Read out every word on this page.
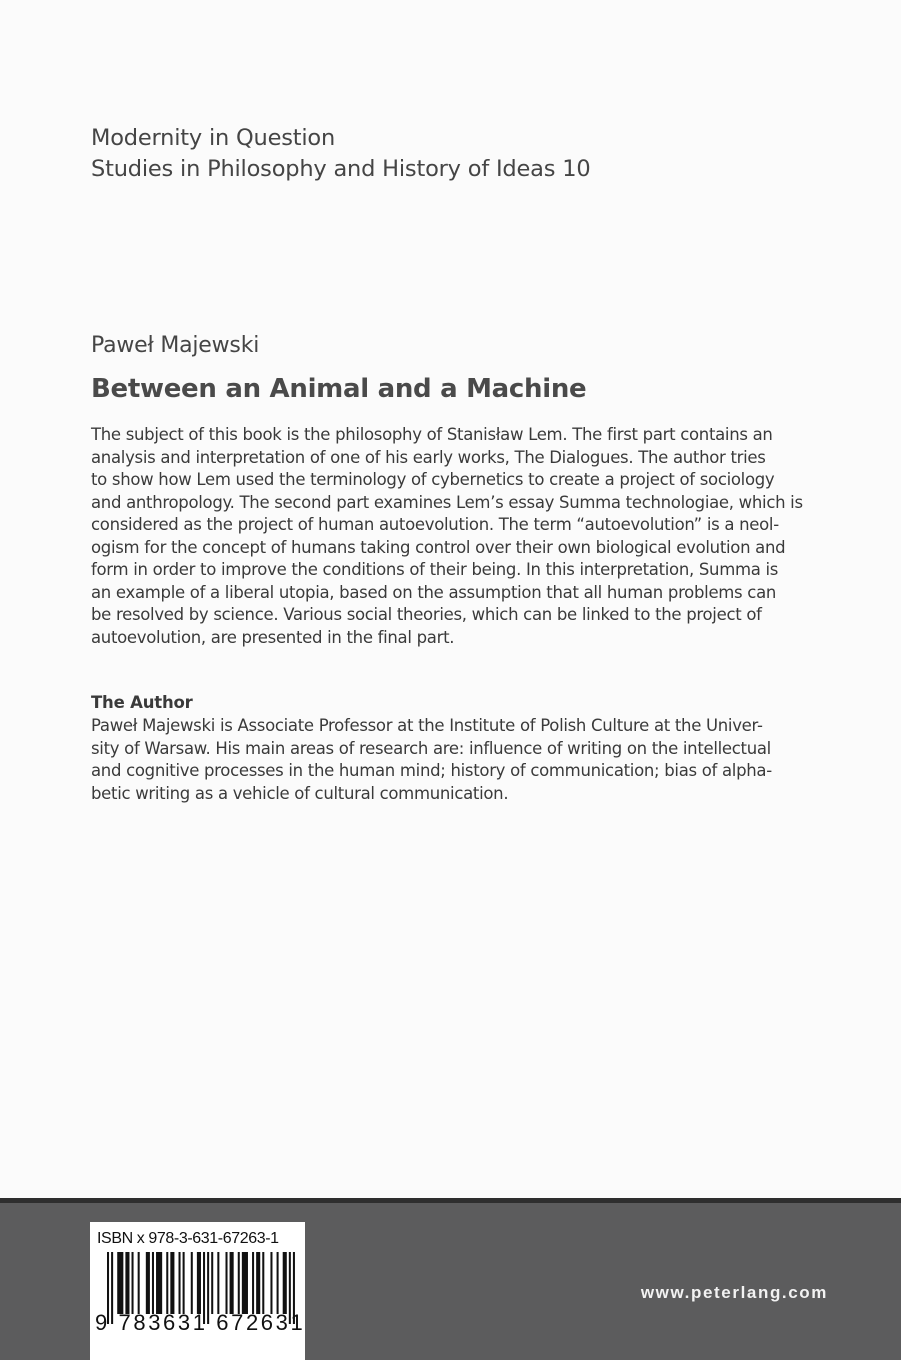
Modernity in Question
Studies in Philosophy and History of Ideas 10
Paweł Majewski
Between an Animal and a Machine
The subject of this book is the philosophy of Stanisław Lem. The first part contains an
analysis and interpretation of one of his early works, The Dialogues. The author tries
to show how Lem used the terminology of cybernetics to create a project of sociology
and anthropology. The second part examines Lem’s essay Summa technologiae, which is
considered as the project of human autoevolution. The term “autoevolution” is a neol-
ogism for the concept of humans taking control over their own biological evolution and
form in order to improve the conditions of their being. In this interpretation, Summa is
an example of a liberal utopia, based on the assumption that all human problems can
be resolved by science. Various social theories, which can be linked to the project of
autoevolution, are presented in the final part.
The Author
Paweł Majewski is Associate Professor at the Institute of Polish Culture at the Univer-
sity of Warsaw. His main areas of research are: influence of writing on the intellectual
and cognitive processes in the human mind; history of communication; bias of alpha-
betic writing as a vehicle of cultural communication.
ISBN x 978-3-631-67263-1
9 783631 672631
www.peterlang.com
